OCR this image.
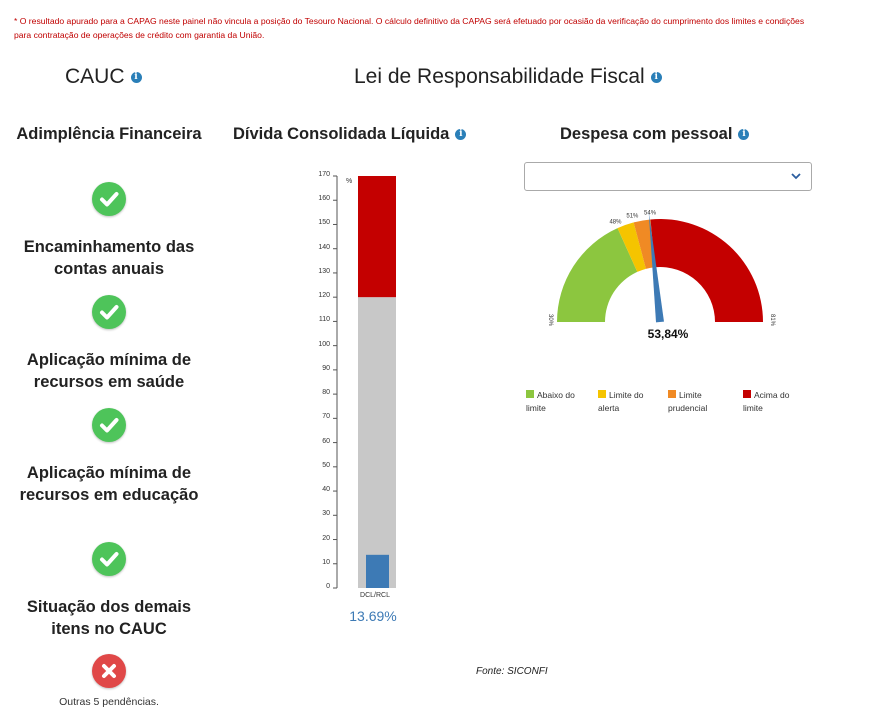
* O resultado apurado para a CAPAG neste painel não vincula a posição do Tesouro Nacional. O cálculo definitivo da CAPAG será efetuado por ocasião da verificação do cumprimento dos limites e condições para contratação de operações de crédito com garantia da União.
CAUC i
Adimplência Financeira
Encaminhamento das contas anuais
Aplicação mínima de recursos em saúde
Aplicação mínima de recursos em educação
Situação dos demais itens no CAUC
Outras 5 pendências.
Lei de Responsabilidade Fiscal i
Dívida Consolidada Líquida i
0
10
20
30
40
50
60
70
80
90
100
110
120
130
140
150
160
170
%
DCL/RCL
13.69%
Despesa com pessoal i
48%
51%
54%
30%	81%
53,84%
Abaixo do limite
Limite do alerta
Limite prudencial
Acima do limite
Fonte: SICONFI
